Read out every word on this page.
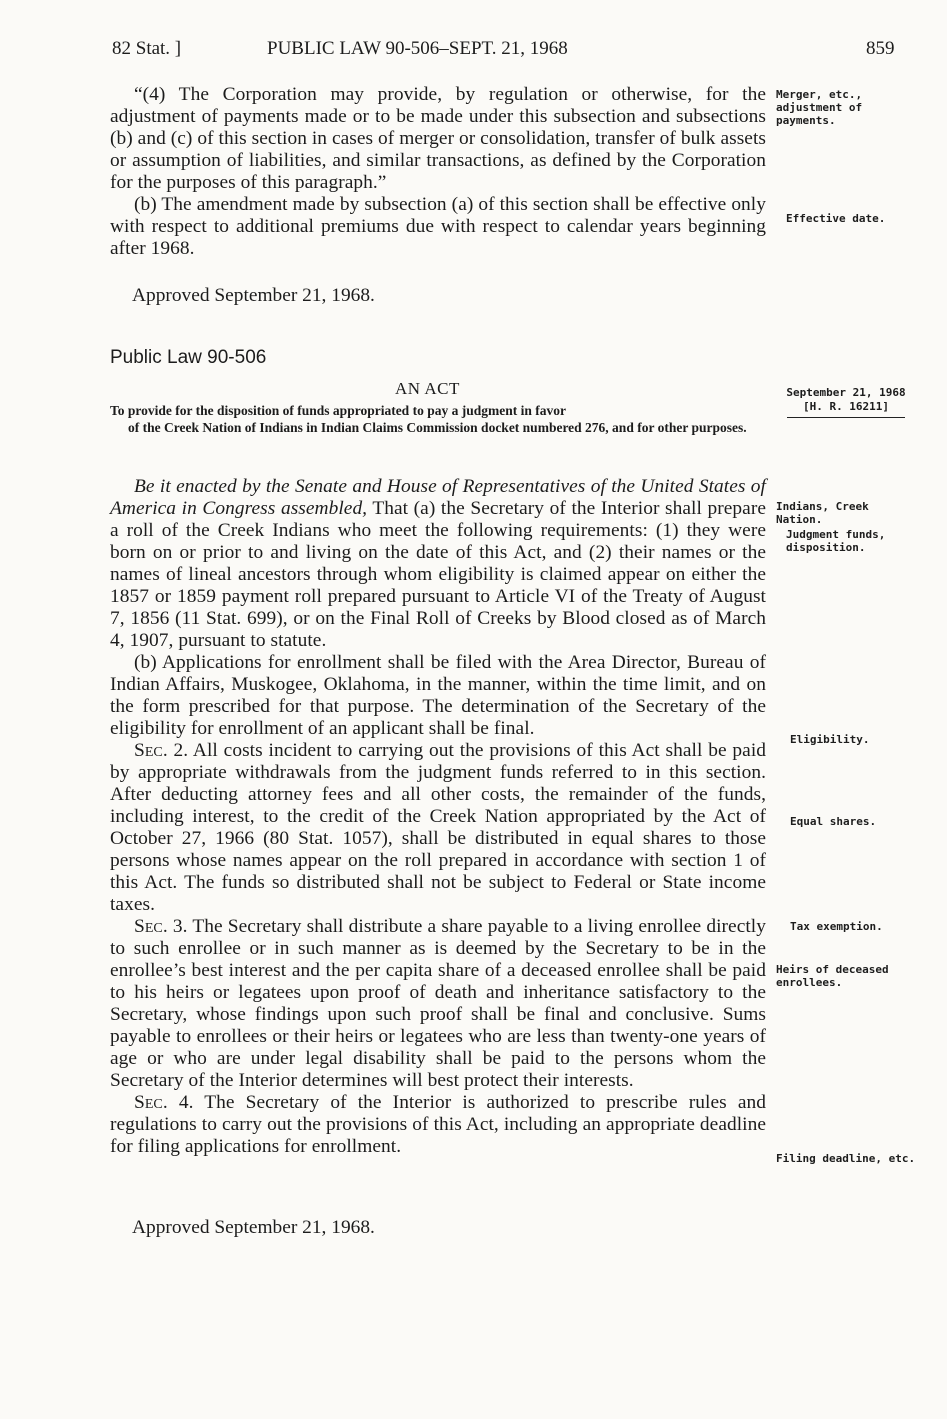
82 Stat. ]	PUBLIC LAW 90-506–SEPT. 21, 1968	859

“(4) The Corporation may provide, by regulation or otherwise, for the adjustment of payments made or to be made under this subsection and subsections (b) and (c) of this section in cases of merger or consolidation, transfer of bulk assets or assumption of liabilities, and similar transactions, as defined by the Corporation for the purposes of this paragraph.”

(b) The amendment made by subsection (a) of this section shall be effective only with respect to additional premiums due with respect to calendar years beginning after 1968.

Approved September 21, 1968.
Public Law 90-506
AN ACT
To provide for the disposition of funds appropriated to pay a judgment in favor
of the Creek Nation of Indians in Indian Claims Commission docket numbered 276, and for other purposes.

Be it enacted by the Senate and House of Representatives of the United States of America in Congress assembled, That (a) the Secretary of the Interior shall prepare a roll of the Creek Indians who meet the following requirements: (1) they were born on or prior to and living on the date of this Act, and (2) their names or the names of lineal ancestors through whom eligibility is claimed appear on either the 1857 or 1859 payment roll prepared pursuant to Article VI of the Treaty of August 7, 1856 (11 Stat. 699), or on the Final Roll of Creeks by Blood closed as of March 4, 1907, pursuant to statute.

(b) Applications for enrollment shall be filed with the Area Director, Bureau of Indian Affairs, Muskogee, Oklahoma, in the manner, within the time limit, and on the form prescribed for that purpose. The determination of the Secretary of the eligibility for enrollment of an applicant shall be final.

Sec. 2. All costs incident to carrying out the provisions of this Act shall be paid by appropriate withdrawals from the judgment funds referred to in this section. After deducting attorney fees and all other costs, the remainder of the funds, including interest, to the credit of the Creek Nation appropriated by the Act of October 27, 1966 (80 Stat. 1057), shall be distributed in equal shares to those persons whose names appear on the roll prepared in accordance with section 1 of this Act. The funds so distributed shall not be subject to Federal or State income taxes.

Sec. 3. The Secretary shall distribute a share payable to a living enrollee directly to such enrollee or in such manner as is deemed by the Secretary to be in the enrollee’s best interest and the per capita share of a deceased enrollee shall be paid to his heirs or legatees upon proof of death and inheritance satisfactory to the Secretary, whose findings upon such proof shall be final and conclusive. Sums payable to enrollees or their heirs or legatees who are less than twenty-one years of age or who are under legal disability shall be paid to the persons whom the Secretary of the Interior determines will best protect their interests.

Sec. 4. The Secretary of the Interior is authorized to prescribe rules and regulations to carry out the provisions of this Act, including an appropriate deadline for filing applications for enrollment.

Approved September 21, 1968.
Merger, etc., adjustment of payments.
Effective date.
September 21, 1968
[H. R. 16211]
Indians, Creek Nation.
Judgment funds, disposition.
Eligibility.
Equal shares.
Tax exemption.
Heirs of deceased enrollees.
Filing deadline, etc.
